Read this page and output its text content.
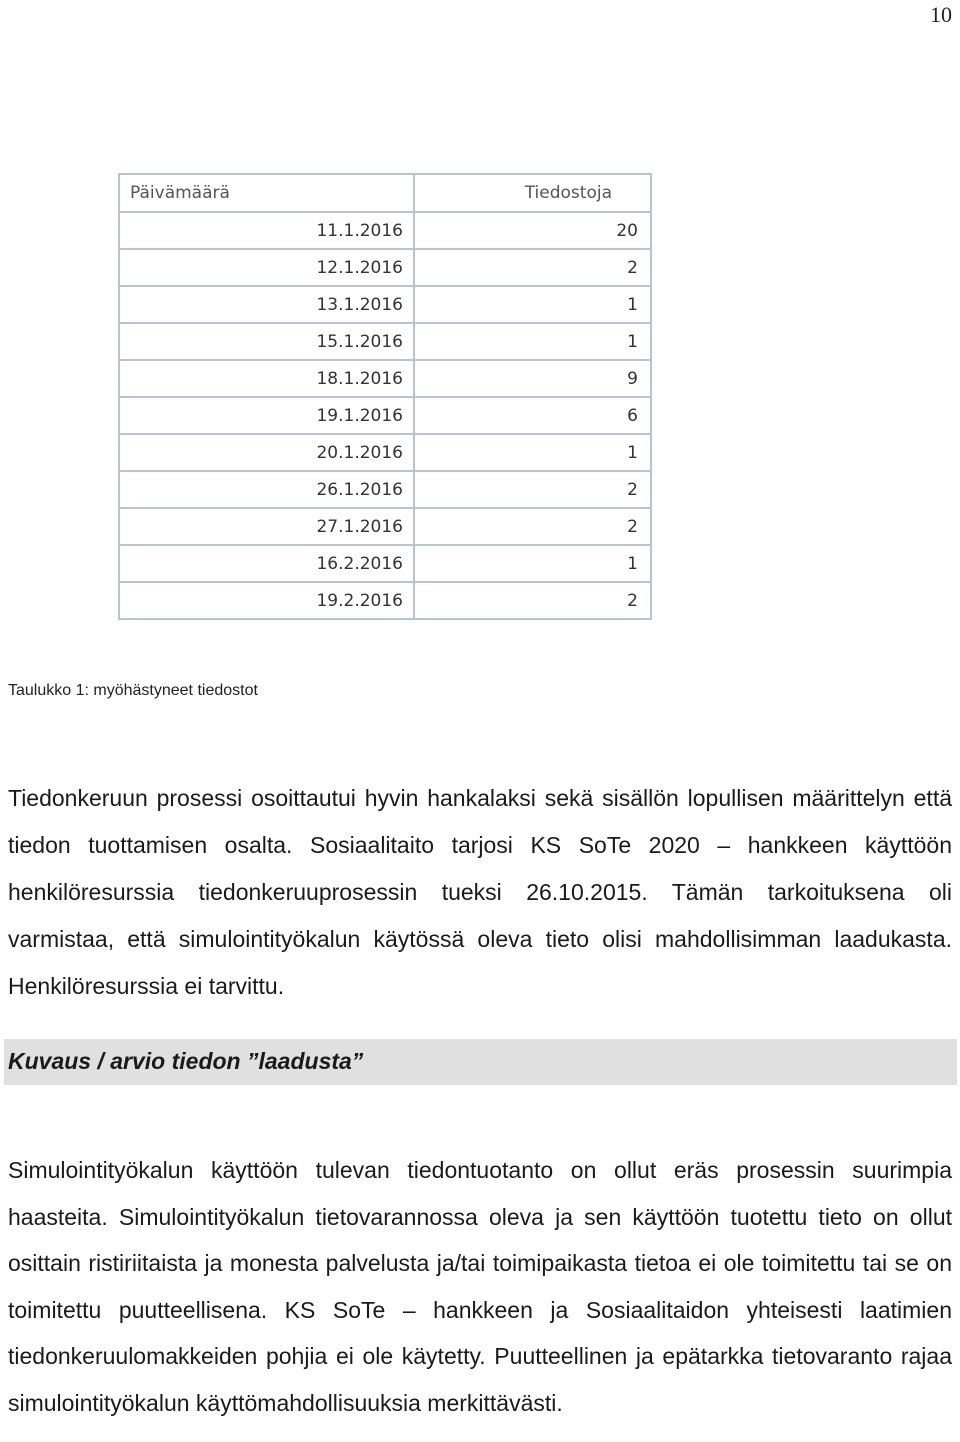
10
Päivämäärä	Tiedostoja
11.1.2016	20
12.1.2016	2
13.1.2016	1
15.1.2016	1
18.1.2016	9
19.1.2016	6
20.1.2016	1
26.1.2016	2
27.1.2016	2
16.2.2016	1
19.2.2016	2
Taulukko 1: myöhästyneet tiedostot

Tiedonkeruun prosessi osoittautui hyvin hankalaksi sekä sisällön lopullisen määrittelyn että tiedon tuottamisen osalta. Sosiaalitaito tarjosi KS SoTe 2020 – hankkeen käyttöön henkilöresurssia tiedonkeruuprosessin tueksi 26.10.2015. Tämän tarkoituksena oli varmistaa, että simulointityökalun käytössä oleva tieto olisi mahdollisimman laadukasta. Henkilöresurssia ei tarvittu.

Kuvaus / arvio tiedon ”laadusta”

Simulointityökalun käyttöön tulevan tiedontuotanto on ollut eräs prosessin suurimpia haasteita. Simulointityökalun tietovarannossa oleva ja sen käyttöön tuotettu tieto on ollut osittain ristiriitaista ja monesta palvelusta ja/tai toimipaikasta tietoa ei ole toimitettu tai se on toimitettu puutteellisena. KS SoTe – hankkeen ja Sosiaalitaidon yhteisesti laatimien tiedonkeruulomakkeiden pohjia ei ole käytetty. Puutteellinen ja epätarkka tietovaranto rajaa simulointityökalun käyttömahdollisuuksia merkittävästi.
